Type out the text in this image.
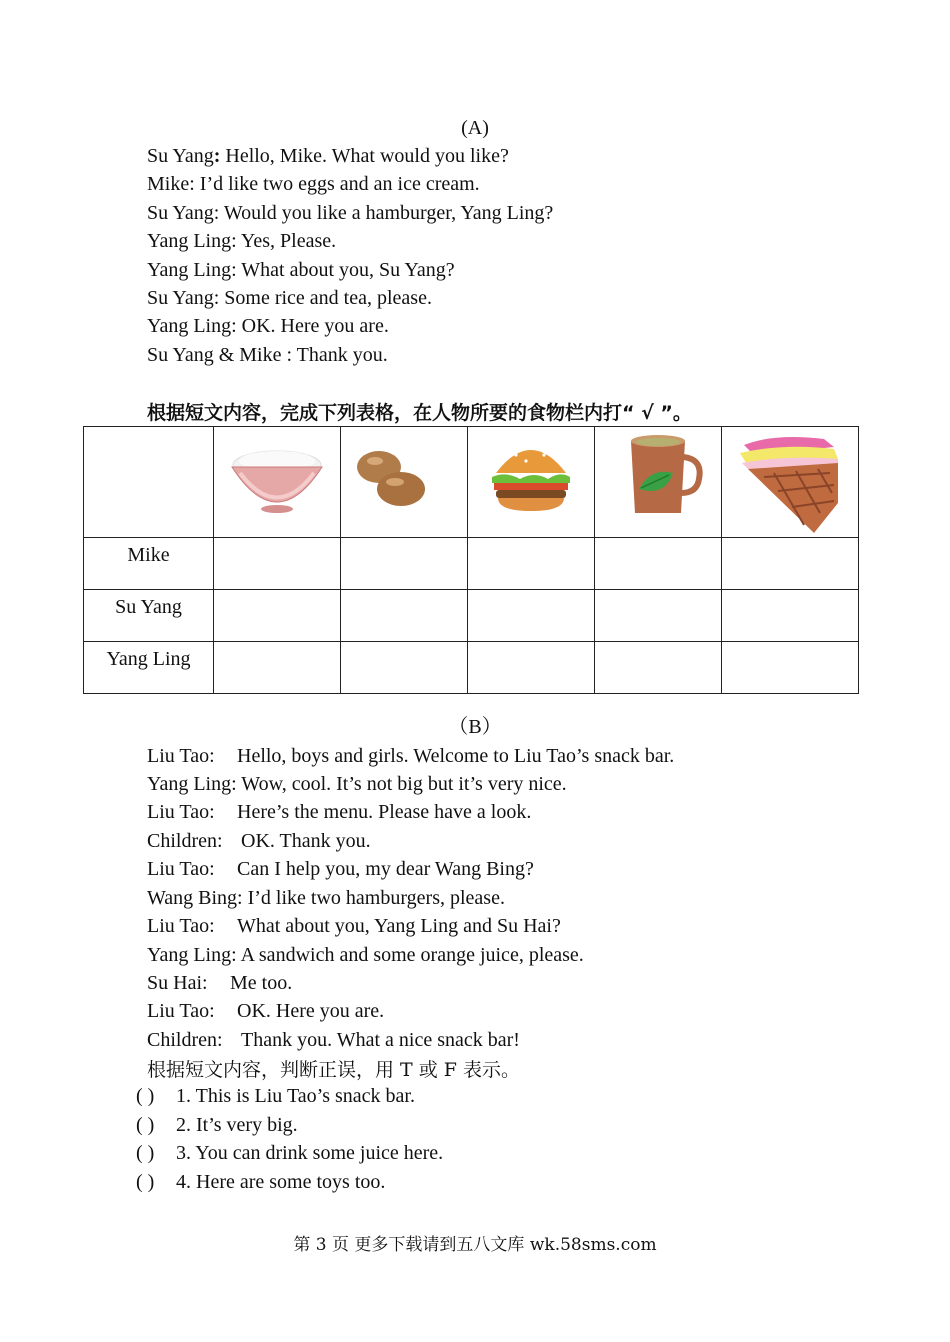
(A)
Su Yang: Hello, Mike. What would you like?
Mike: I’d like two eggs and an ice cream.
Su Yang: Would you like a hamburger, Yang Ling?
Yang Ling: Yes, Please.
Yang Ling: What about you, Su Yang?
Su Yang: Some rice and tea, please.
Yang Ling: OK. Here you are.
Su Yang & Mike : Thank you.
根据短文内容，完成下列表格，在人物所要的食物栏内打“ √ ”。

Mike					
Su Yang					
Yang Ling					
（B）
Liu Tao: Hello, boys and girls. Welcome to Liu Tao’s snack bar.
Yang Ling: Wow, cool. It’s not big but it’s very nice.
Liu Tao: Here’s the menu. Please have a look.
Children: OK. Thank you.
Liu Tao: Can I help you, my dear Wang Bing?
Wang Bing: I’d like two hamburgers, please.
Liu Tao: What about you, Yang Ling and Su Hai?
Yang Ling: A sandwich and some orange juice, please.
Su Hai: Me too.
Liu Tao: OK. Here you are.
Children: Thank you. What a nice snack bar!
根据短文内容，判断正误，用 T 或 F 表示。
( ) 1. This is Liu Tao’s snack bar.
( ) 2. It’s very big.
( ) 3. You can drink some juice here.
( ) 4. Here are some toys too.
第 3 页 更多下载请到五八文库 wk.58sms.com
